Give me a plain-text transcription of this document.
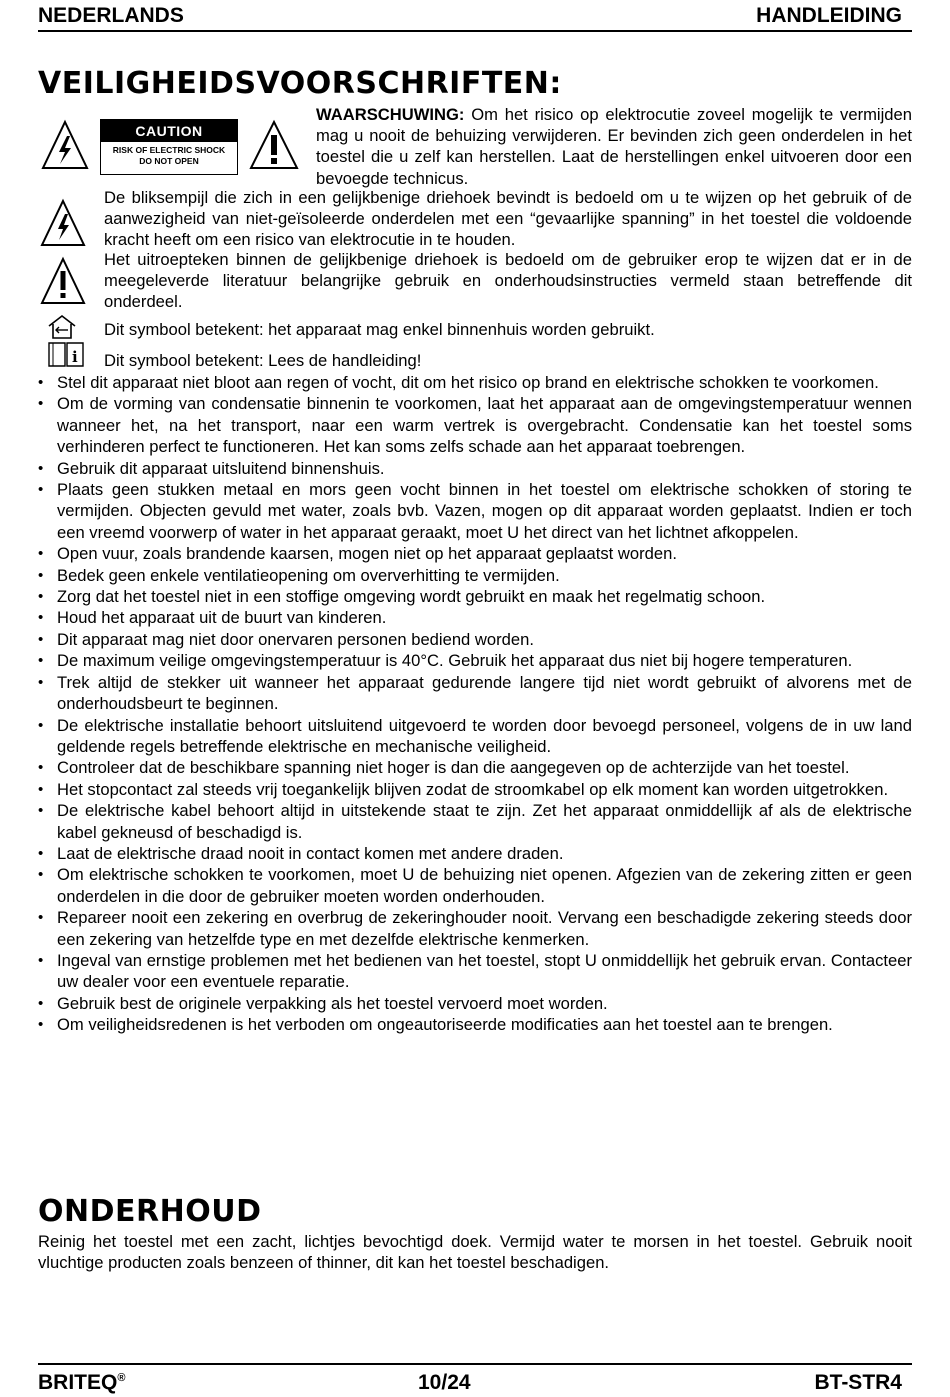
NEDERLANDS	HANDLEIDING
VEILIGHEIDSVOORSCHRIFTEN:
CAUTION
RISK OF ELECTRIC SHOCK
DO NOT OPEN
WAARSCHUWING: Om het risico op elektrocutie zoveel mogelijk te vermijden mag u nooit de behuizing verwijderen. Er bevinden zich geen onderdelen in het toestel die u zelf kan herstellen. Laat de herstellingen enkel uitvoeren door een bevoegde technicus.
De bliksempijl die zich in een gelijkbenige driehoek bevindt is bedoeld om u te wijzen op het gebruik of de aanwezigheid van niet-geïsoleerde onderdelen met een “gevaarlijke spanning” in het toestel die voldoende kracht heeft om een risico van elektrocutie in te houden.
Het uitroepteken binnen de gelijkbenige driehoek is bedoeld om de gebruiker erop te wijzen dat er in de meegeleverde literatuur belangrijke gebruik en onderhoudsinstructies vermeld staan betreffende dit onderdeel.
Dit symbool betekent: het apparaat mag enkel binnenhuis worden gebruikt.
i Dit symbool betekent: Lees de handleiding!
• Stel dit apparaat niet bloot aan regen of vocht, dit om het risico op brand en elektrische schokken te voorkomen.
• Om de vorming van condensatie binnenin te voorkomen, laat het apparaat aan de omgevingstemperatuur wennen wanneer het, na het transport, naar een warm vertrek is overgebracht. Condensatie kan het toestel soms verhinderen perfect te functioneren. Het kan soms zelfs schade aan het apparaat toebrengen.
• Gebruik dit apparaat uitsluitend binnenshuis.
• Plaats geen stukken metaal en mors geen vocht binnen in het toestel om elektrische schokken of storing te vermijden. Objecten gevuld met water, zoals bvb. Vazen, mogen op dit apparaat worden geplaatst. Indien er toch een vreemd voorwerp of water in het apparaat geraakt, moet U het direct van het lichtnet afkoppelen.
• Open vuur, zoals brandende kaarsen, mogen niet op het apparaat geplaatst worden.
• Bedek geen enkele ventilatieopening om oververhitting te vermijden.
• Zorg dat het toestel niet in een stoffige omgeving wordt gebruikt en maak het regelmatig schoon.
• Houd het apparaat uit de buurt van kinderen.
• Dit apparaat mag niet door onervaren personen bediend worden.
• De maximum veilige omgevingstemperatuur is 40°C. Gebruik het apparaat dus niet bij hogere temperaturen.
• Trek altijd de stekker uit wanneer het apparaat gedurende langere tijd niet wordt gebruikt of alvorens met de onderhoudsbeurt te beginnen.
• De elektrische installatie behoort uitsluitend uitgevoerd te worden door bevoegd personeel, volgens de in uw land geldende regels betreffende elektrische en mechanische veiligheid.
• Controleer dat de beschikbare spanning niet hoger is dan die aangegeven op de achterzijde van het toestel.
• Het stopcontact zal steeds vrij toegankelijk blijven zodat de stroomkabel op elk moment kan worden uitgetrokken.
• De elektrische kabel behoort altijd in uitstekende staat te zijn. Zet het apparaat onmiddellijk af als de elektrische kabel gekneusd of beschadigd is.
• Laat de elektrische draad nooit in contact komen met andere draden.
• Om elektrische schokken te voorkomen, moet U de behuizing niet openen. Afgezien van de zekering zitten er geen onderdelen in die door de gebruiker moeten worden onderhouden.
• Repareer nooit een zekering en overbrug de zekeringhouder nooit. Vervang een beschadigde zekering steeds door een zekering van hetzelfde type en met dezelfde elektrische kenmerken.
• Ingeval van ernstige problemen met het bedienen van het toestel, stopt U onmiddellijk het gebruik ervan. Contacteer uw dealer voor een eventuele reparatie.
• Gebruik best de originele verpakking als het toestel vervoerd moet worden.
• Om veiligheidsredenen is het verboden om ongeautoriseerde modificaties aan het toestel aan te brengen.
ONDERHOUD
Reinig het toestel met een zacht, lichtjes bevochtigd doek. Vermijd water te morsen in het toestel. Gebruik nooit vluchtige producten zoals benzeen of thinner, dit kan het toestel beschadigen.
BRITEQ®	10/24	BT-STR4
